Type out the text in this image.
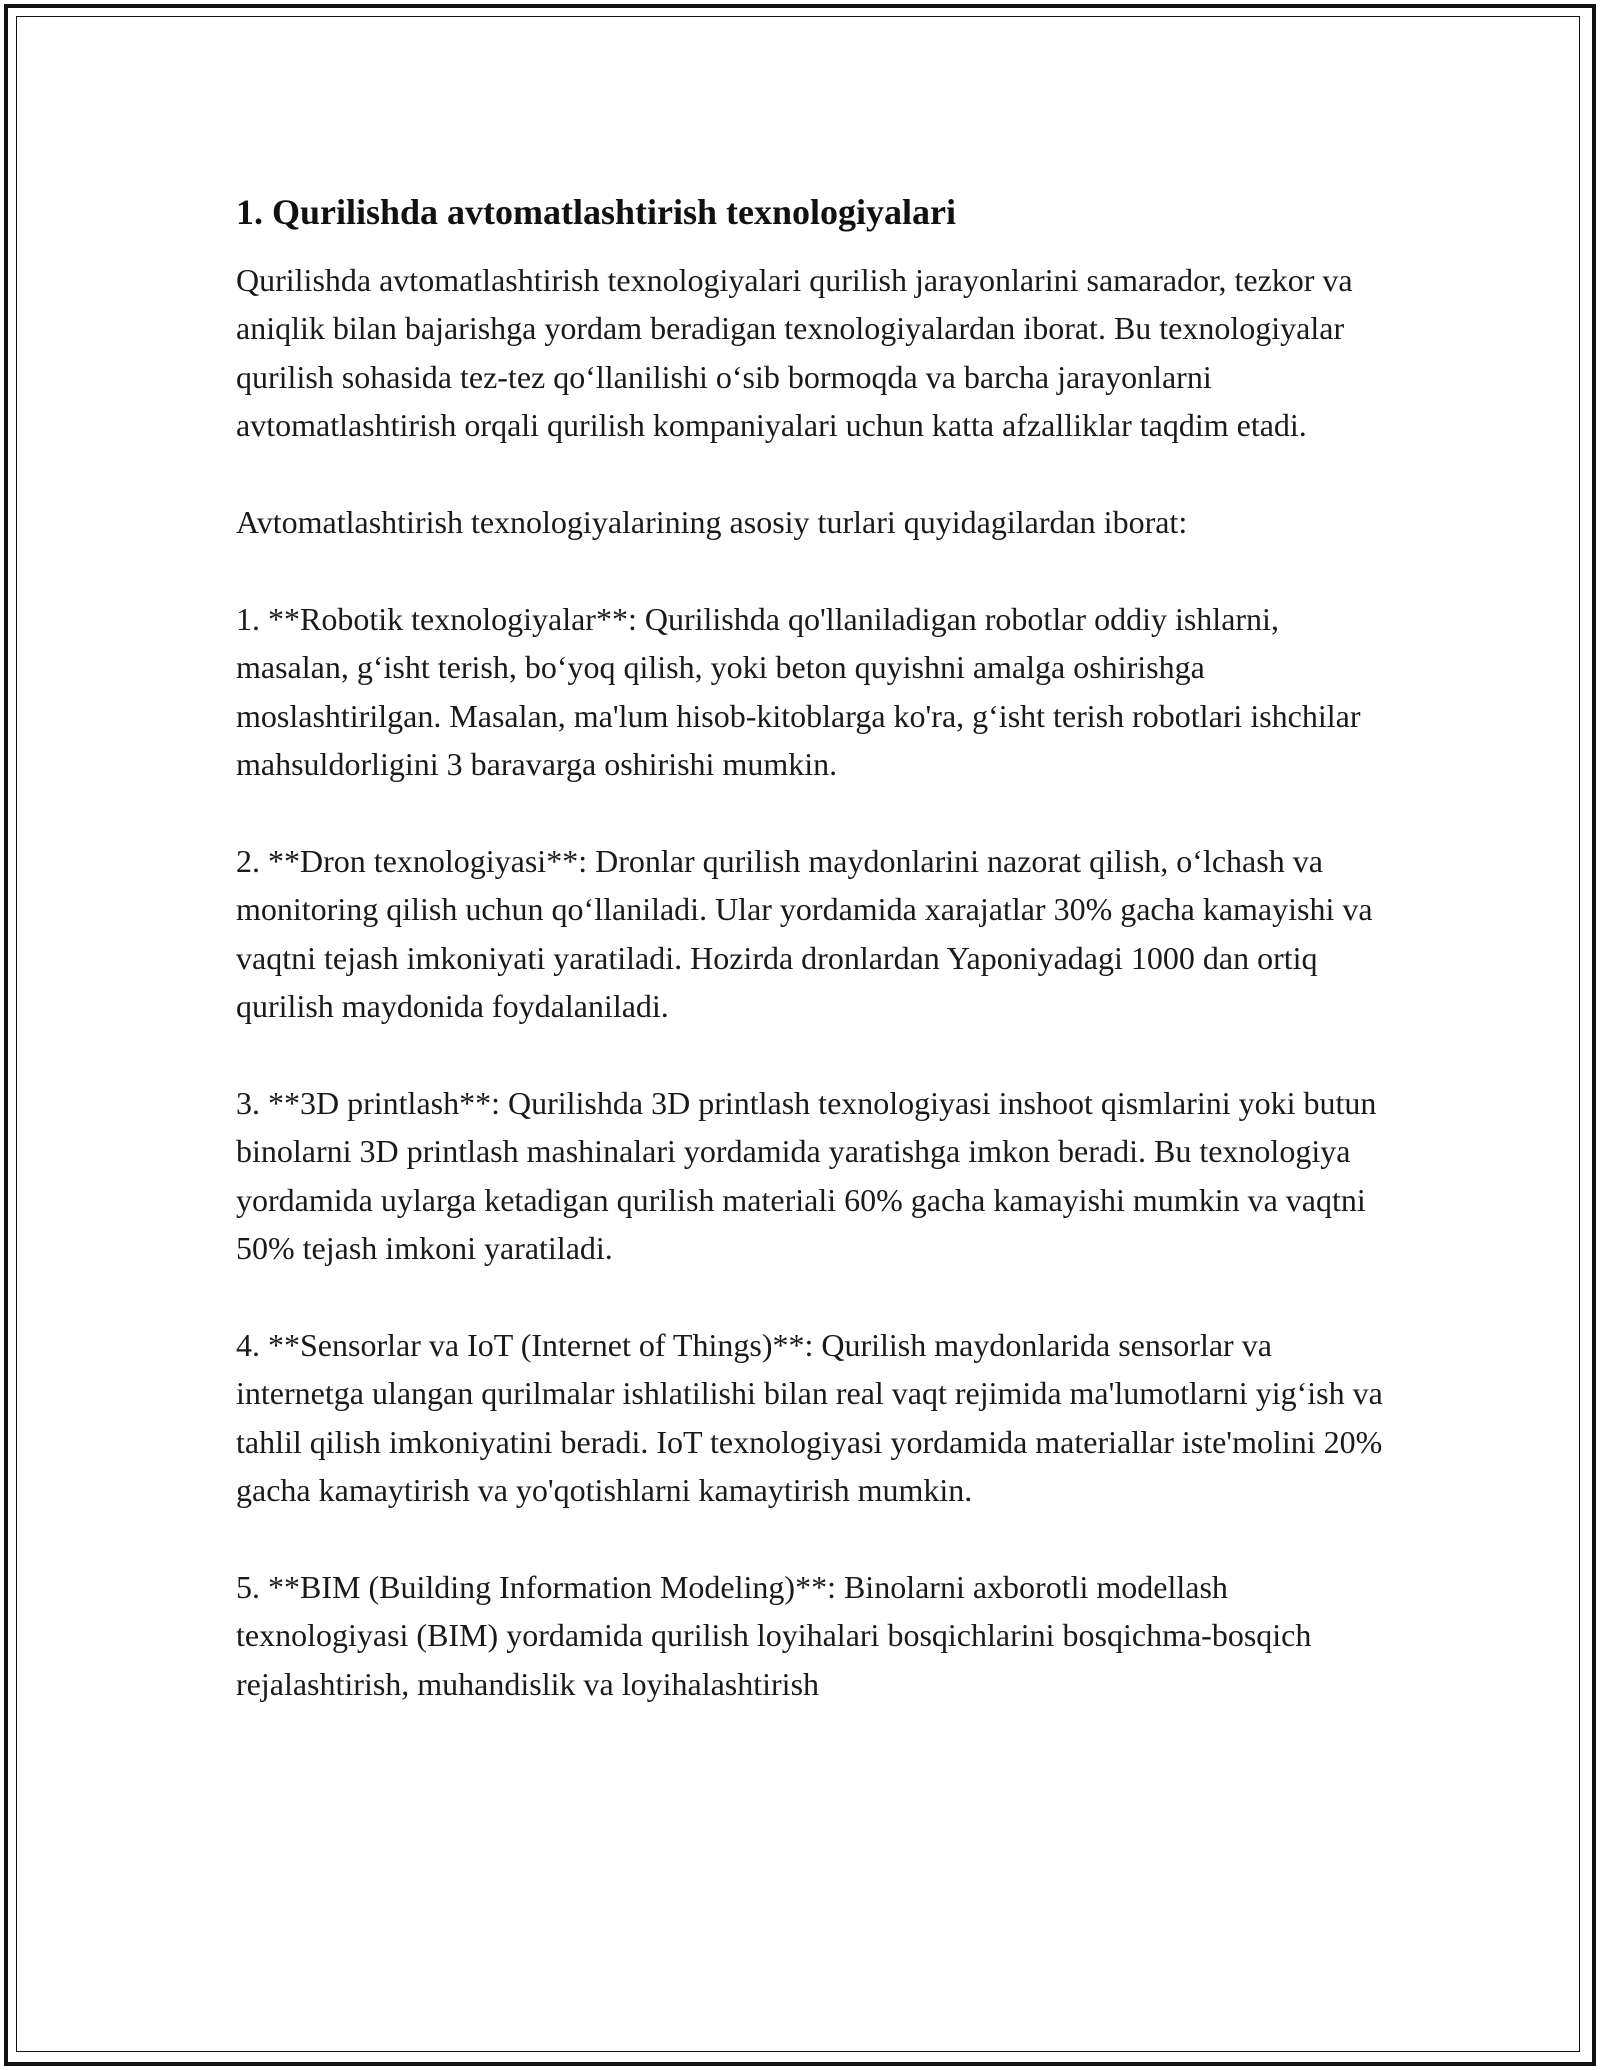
1. Qurilishda avtomatlashtirish texnologiyalari

Qurilishda avtomatlashtirish texnologiyalari qurilish jarayonlarini samarador, tezkor va aniqlik bilan bajarishga yordam beradigan texnologiyalardan iborat. Bu texnologiyalar qurilish sohasida tez-tez qo‘llanilishi o‘sib bormoqda va barcha jarayonlarni avtomatlashtirish orqali qurilish kompaniyalari uchun katta afzalliklar taqdim etadi.

Avtomatlashtirish texnologiyalarining asosiy turlari quyidagilardan iborat:

1. **Robotik texnologiyalar**: Qurilishda qo'llaniladigan robotlar oddiy ishlarni, masalan, g‘isht terish, bo‘yoq qilish, yoki beton quyishni amalga oshirishga moslashtirilgan. Masalan, ma'lum hisob-kitoblarga ko'ra, g‘isht terish robotlari ishchilar mahsuldorligini 3 baravarga oshirishi mumkin.

2. **Dron texnologiyasi**: Dronlar qurilish maydonlarini nazorat qilish, o‘lchash va monitoring qilish uchun qo‘llaniladi. Ular yordamida xarajatlar 30% gacha kamayishi va vaqtni tejash imkoniyati yaratiladi. Hozirda dronlardan Yaponiyadagi 1000 dan ortiq qurilish maydonida foydalaniladi.

3. **3D printlash**: Qurilishda 3D printlash texnologiyasi inshoot qismlarini yoki butun binolarni 3D printlash mashinalari yordamida yaratishga imkon beradi. Bu texnologiya yordamida uylarga ketadigan qurilish materiali 60% gacha kamayishi mumkin va vaqtni 50% tejash imkoni yaratiladi.

4. **Sensorlar va IoT (Internet of Things)**: Qurilish maydonlarida sensorlar va internetga ulangan qurilmalar ishlatilishi bilan real vaqt rejimida ma'lumotlarni yig‘ish va tahlil qilish imkoniyatini beradi. IoT texnologiyasi yordamida materiallar iste'molini 20% gacha kamaytirish va yo'qotishlarni kamaytirish mumkin.

5. **BIM (Building Information Modeling)**: Binolarni axborotli modellash texnologiyasi (BIM) yordamida qurilish loyihalari bosqichlarini bosqichma-bosqich rejalashtirish, muhandislik va loyihalashtirish
